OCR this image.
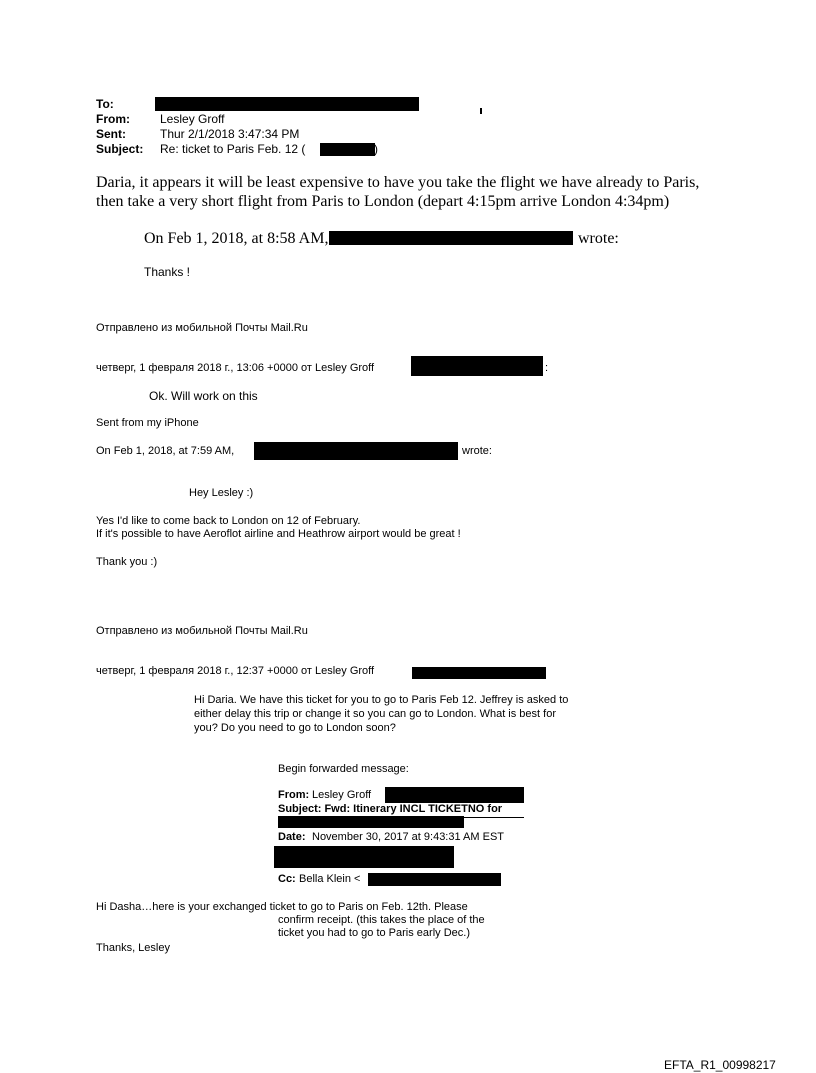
To:
From:	Lesley Groff
Sent:	Thur 2/1/2018 3:47:34 PM
Subject: Re: ticket to Paris Feb. 12 (	)
Daria, it appears it will be least expensive to have you take the flight we have already to Paris,
then take a very short flight from Paris to London (depart 4:15pm arrive London 4:34pm)
On Feb 1, 2018, at 8:58 AM,	wrote:
Thanks !
Отправлено из мобильной Почты Mail.Ru
четверг, 1 февраля 2018 г., 13:06 +0000 от Lesley Groff	:
Ok. Will work on this
Sent from my iPhone
On Feb 1, 2018, at 7:59 AM,	wrote:
Hey Lesley :)
Yes I'd like to come back to London on 12 of February.
If it's possible to have Aeroflot airline and Heathrow airport would be great !
Thank you :)
Отправлено из мобильной Почты Mail.Ru
четверг, 1 февраля 2018 г., 12:37 +0000 от Lesley Groff
Hi Daria. We have this ticket for you to go to Paris Feb 12. Jeffrey is asked to
either delay this trip or change it so you can go to London. What is best for
you? Do you need to go to London soon?
Begin forwarded message:
From: Lesley Groff
Subject: Fwd: Itinerary INCL TICKETNO for
Date: November 30, 2017 at 9:43:31 AM EST
Cc: Bella Klein <
Hi Dasha…here is your exchanged ticket to go to Paris on Feb. 12th. Please
confirm receipt. (this takes the place of the
ticket you had to go to Paris early Dec.)
Thanks, Lesley
EFTA_R1_00998217
